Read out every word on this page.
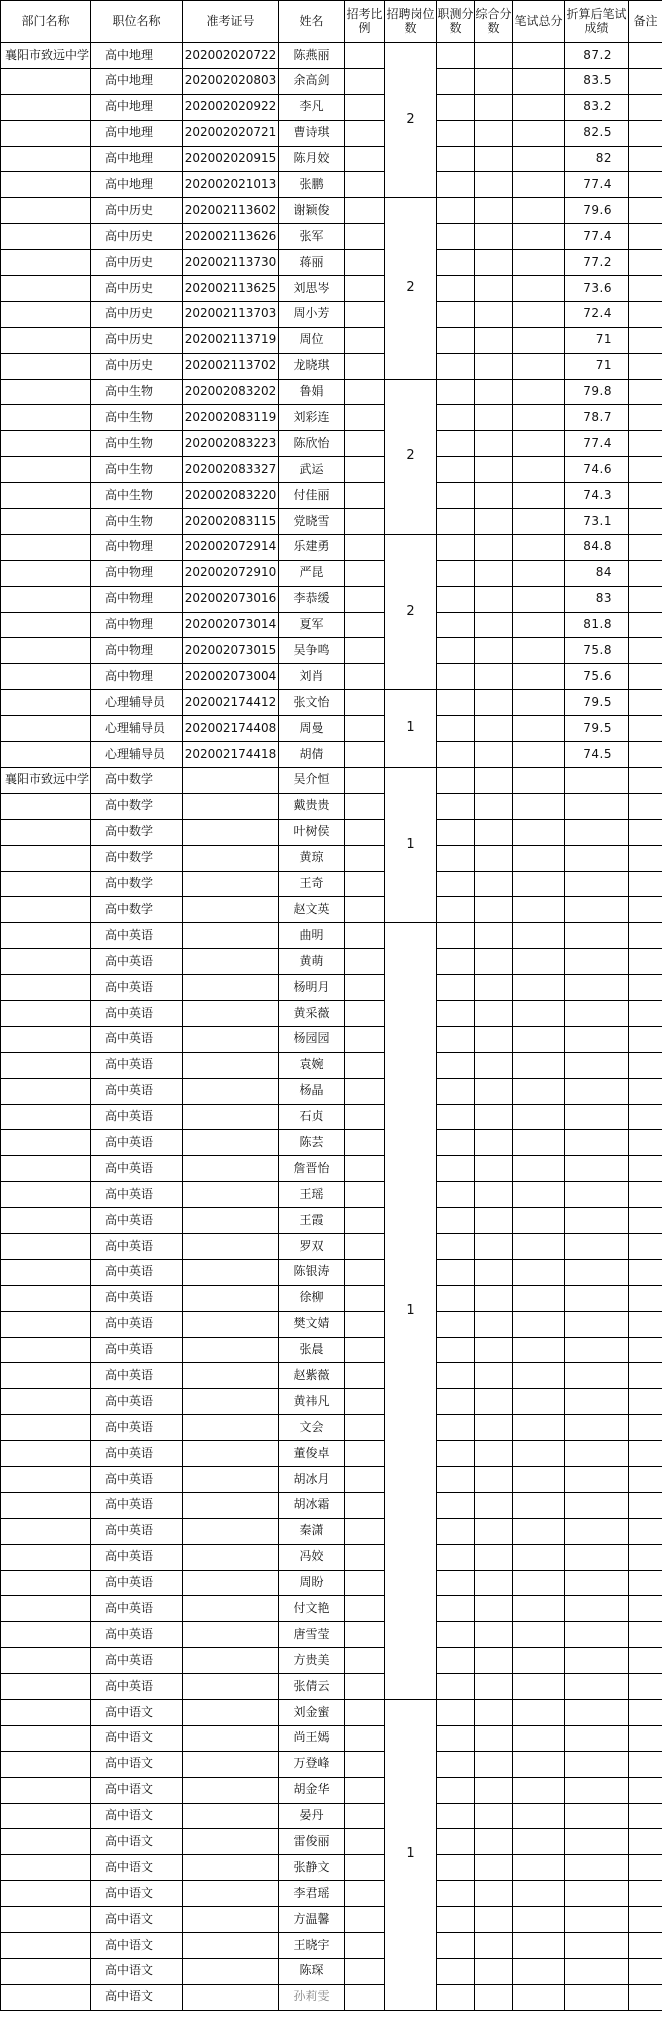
部门名称	职位名称	准考证号	姓名	招考比例	招聘岗位数	职测分数	综合分数	笔试总分	折算后笔试成绩	备注
襄阳市致远中学	高中地理	202002020722	陈燕丽		2				87.2	
	高中地理	202002020803	余高剑						83.5	
	高中地理	202002020922	李凡						83.2	
	高中地理	202002020721	曹诗琪						82.5	
	高中地理	202002020915	陈月姣						82	
	高中地理	202002021013	张鹏						77.4	
	高中历史	202002113602	谢颖俊		2				79.6	
	高中历史	202002113626	张军						77.4	
	高中历史	202002113730	蒋丽						77.2	
	高中历史	202002113625	刘思岑						73.6	
	高中历史	202002113703	周小芳						72.4	
	高中历史	202002113719	周位						71	
	高中历史	202002113702	龙晓琪						71	
	高中生物	202002083202	鲁娟		2				79.8	
	高中生物	202002083119	刘彩连						78.7	
	高中生物	202002083223	陈欣怡						77.4	
	高中生物	202002083327	武运						74.6	
	高中生物	202002083220	付佳丽						74.3	
	高中生物	202002083115	党晓雪						73.1	
	高中物理	202002072914	乐建勇		2				84.8	
	高中物理	202002072910	严昆						84	
	高中物理	202002073016	李恭缓						83	
	高中物理	202002073014	夏军						81.8	
	高中物理	202002073015	吴争鸣						75.8	
	高中物理	202002073004	刘肖						75.6	
	心理辅导员	202002174412	张文怡		1				79.5	
	心理辅导员	202002174408	周曼						79.5	
	心理辅导员	202002174418	胡倩						74.5	
襄阳市致远中学	高中数学		吴介恒		1					
	高中数学		戴贵贵							
	高中数学		叶树侯							
	高中数学		黄琼							
	高中数学		王奇							
	高中数学		赵文英							
	高中英语		曲明		1					
	高中英语		黄萌							
	高中英语		杨明月							
	高中英语		黄采薇							
	高中英语		杨园园							
	高中英语		袁婉							
	高中英语		杨晶							
	高中英语		石贞							
	高中英语		陈芸							
	高中英语		詹晋怡							
	高中英语		王瑶							
	高中英语		王霞							
	高中英语		罗双							
	高中英语		陈银涛							
	高中英语		徐柳							
	高中英语		樊文婧							
	高中英语		张晨							
	高中英语		赵紫薇							
	高中英语		黄祎凡							
	高中英语		文会							
	高中英语		董俊卓							
	高中英语		胡冰月							
	高中英语		胡冰霜							
	高中英语		秦潇							
	高中英语		冯姣							
	高中英语		周盼							
	高中英语		付文艳							
	高中英语		唐雪莹							
	高中英语		方贵美							
	高中英语		张倩云							
	高中语文		刘金蜜		1					
	高中语文		尚王嫣							
	高中语文		万登峰							
	高中语文		胡金华							
	高中语文		晏丹							
	高中语文		雷俊丽							
	高中语文		张静文							
	高中语文		李君瑶							
	高中语文		方温馨							
	高中语文		王晓宇							
	高中语文		陈琛							
	高中语文		孙莉雯							
